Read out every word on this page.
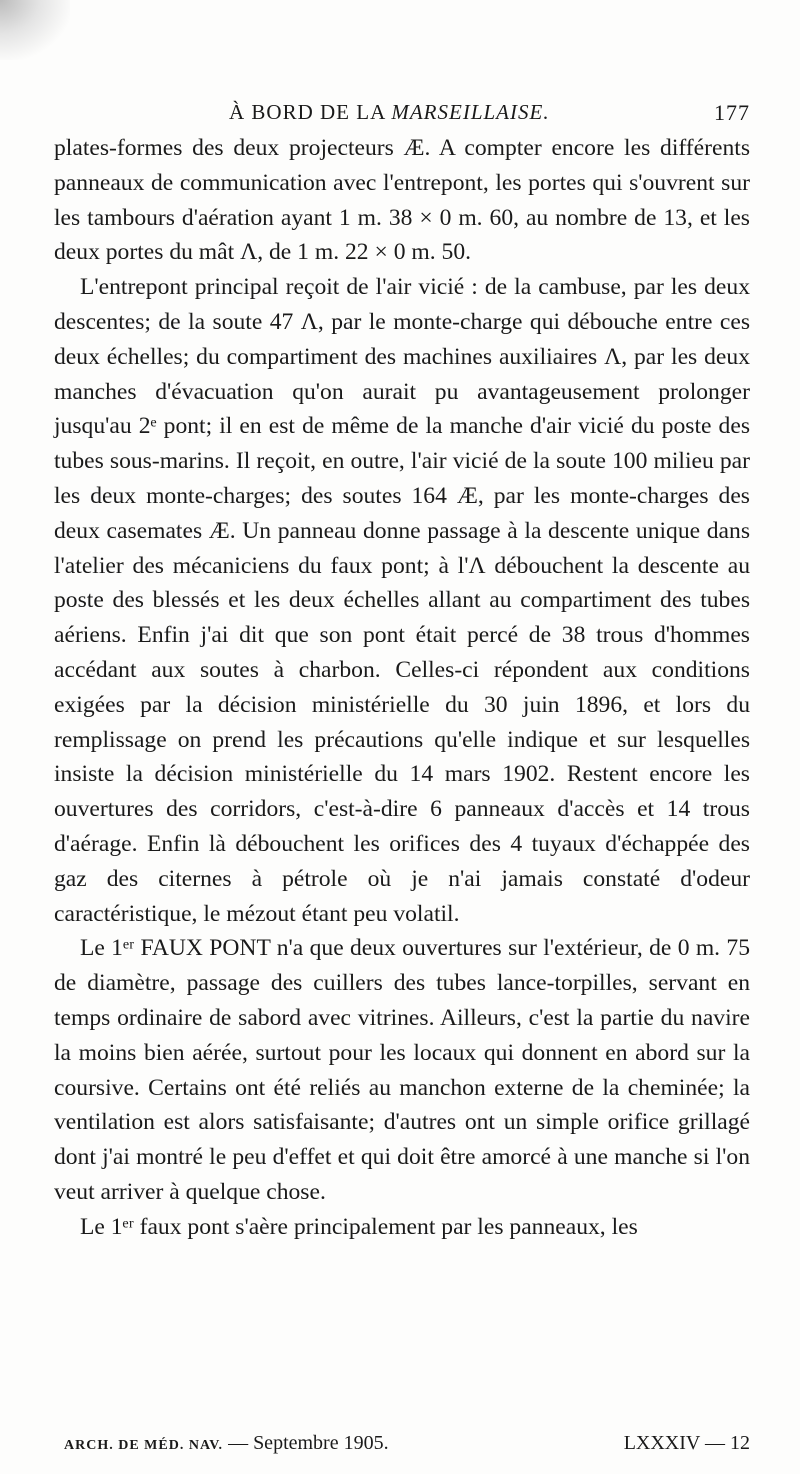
À BORD DE LA MARSEILLAISE.	177

plates-formes des deux projecteurs Æ. A compter encore les différents panneaux de communication avec l'entrepont, les portes qui s'ouvrent sur les tambours d'aération ayant 1 m. 38 × 0 m. 60, au nombre de 13, et les deux portes du mât Ʌ, de 1 m. 22 × 0 m. 50.

L'entrepont principal reçoit de l'air vicié : de la cambuse, par les deux descentes; de la soute 47 Ʌ, par le monte-charge qui débouche entre ces deux échelles; du compartiment des machines auxiliaires Ʌ, par les deux manches d'évacuation qu'on aurait pu avantageusement prolonger jusqu'au 2ᵉ pont; il en est de même de la manche d'air vicié du poste des tubes sous-marins. Il reçoit, en outre, l'air vicié de la soute 100 milieu par les deux monte-charges; des soutes 164 Æ, par les monte-charges des deux casemates Æ. Un panneau donne passage à la descente unique dans l'atelier des mécaniciens du faux pont; à l'Ʌ débouchent la descente au poste des blessés et les deux échelles allant au compartiment des tubes aériens. Enfin j'ai dit que son pont était percé de 38 trous d'hommes accédant aux soutes à charbon. Celles-ci répondent aux conditions exigées par la décision ministérielle du 30 juin 1896, et lors du remplissage on prend les précautions qu'elle indique et sur lesquelles insiste la décision ministérielle du 14 mars 1902. Restent encore les ouvertures des corridors, c'est-à-dire 6 panneaux d'accès et 14 trous d'aérage. Enfin là débouchent les orifices des 4 tuyaux d'échappée des gaz des citernes à pétrole où je n'ai jamais constaté d'odeur caractéristique, le mézout étant peu volatil.

Le 1ᵉʳ FAUX PONT n'a que deux ouvertures sur l'extérieur, de 0 m. 75 de diamètre, passage des cuillers des tubes lance-torpilles, servant en temps ordinaire de sabord avec vitrines. Ailleurs, c'est la partie du navire la moins bien aérée, surtout pour les locaux qui donnent en abord sur la coursive. Certains ont été reliés au manchon externe de la cheminée; la ventilation est alors satisfaisante; d'autres ont un simple orifice grillagé dont j'ai montré le peu d'effet et qui doit être amorcé à une manche si l'on veut arriver à quelque chose.

Le 1ᵉʳ faux pont s'aère principalement par les panneaux, les

ARCH. DE MÉD. NAV. — Septembre 1905.	LXXXIV — 12
